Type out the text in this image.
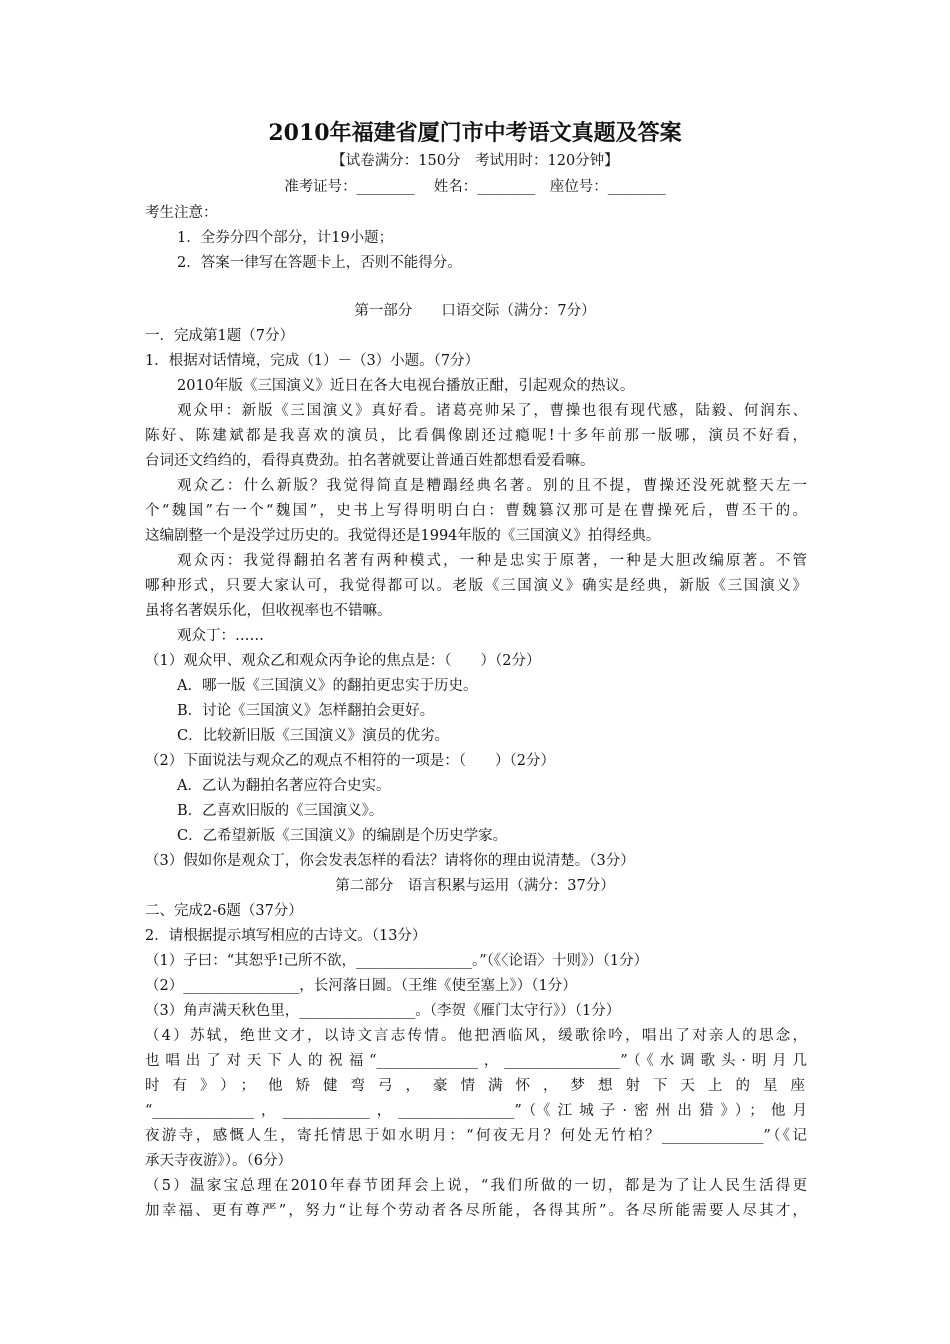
2010年福建省厦门市中考语文真题及答案
【试卷满分：150分　考试用时：120分钟】
准考证号：________　 姓名：________　座位号：________
考生注意：
1．全券分四个部分，计19小题；
2．答案一律写在答题卡上，否则不能得分。
第一部分　　口语交际（满分：7分）
一．完成第1题（7分）
1．根据对话情境，完成（1）－（3）小题。（7分）
2010年版《三国演义》近日在各大电视台播放正酣，引起观众的热议。
观众甲：新版《三国演义》真好看。诸葛亮帅呆了，曹操也很有现代感，陆毅、何润东、
陈好、陈建斌都是我喜欢的演员，比看偶像剧还过瘾呢!十多年前那一版哪，演员不好看，
台词还文绉绉的，看得真费劲。拍名著就要让普通百姓都想看爱看嘛。
观众乙：什么新版？我觉得简直是糟蹋经典名著。别的且不提，曹操还没死就整天左一
个“魏国”右一个“魏国”，史书上写得明明白白：曹魏篡汉那可是在曹操死后，曹丕干的。
这编剧整一个是没学过历史的。我觉得还是1994年版的《三国演义》拍得经典。
观众丙：我觉得翻拍名著有两种模式，一种是忠实于原著，一种是大胆改编原著。不管
哪种形式，只要大家认可，我觉得都可以。老版《三国演义》确实是经典，新版《三国演义》
虽将名著娱乐化，但收视率也不错嘛。
观众丁：……
（1）观众甲、观众乙和观众丙争论的焦点是：（　　）（2分）
A．哪一版《三国演义》的翻拍更忠实于历史。
B．讨论《三国演义》怎样翻拍会更好。
C．比较新旧版《三国演义》演员的优劣。
（2）下面说法与观众乙的观点不相符的一项是：（　　）（2分）
A．乙认为翻拍名著应符合史实。
B．乙喜欢旧版的《三国演义》。
C．乙希望新版《三国演义》的编剧是个历史学家。
（3）假如你是观众丁，你会发表怎样的看法？请将你的理由说清楚。（3分）
第二部分　语言积累与运用（满分：37分）
二、完成2-6题（37分）
2．请根据提示填写相应的古诗文。（13分）
（1）子曰：“其恕乎!己所不欲，________________。”（《〈论语〉十则》）（1分）
（2）________________，长河落日圆。（王维《使至塞上》）（1分）
（3）角声满天秋色里，________________。（李贺《雁门太守行》）（1分）
（4）苏轼，绝世文才，以诗文言志传情。他把酒临风，缓歌徐吟，唱出了对亲人的思念，
也唱出了对天下人的祝福“______________，________________”（《水调歌头·明月几
时有》）；他矫健弯弓，豪情满怀，梦想射下天上的星座
“______________，____________，________________”（《江城子·密州出猎》）；他月
夜游寺，感慨人生，寄托情思于如水明月：“何夜无月？何处无竹柏？______________”（《记
承天寺夜游》）。（6分）
（5）温家宝总理在2010年春节团拜会上说，“我们所做的一切，都是为了让人民生活得更
加幸福、更有尊严”，努力“让每个劳动者各尽所能，各得其所”。各尽所能需要人尽其才，
